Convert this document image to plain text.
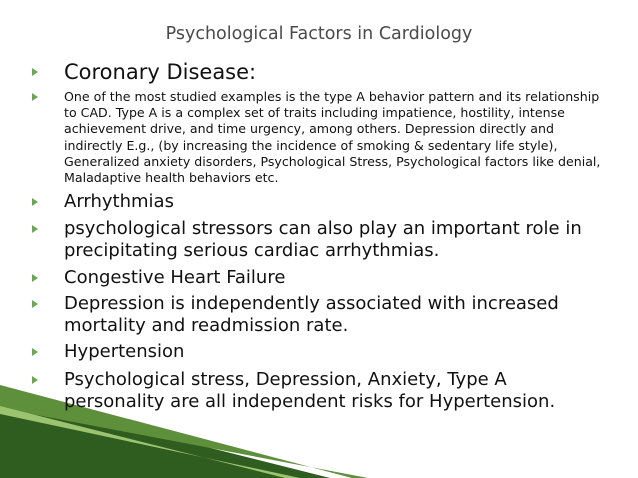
Psychological Factors in Cardiology
Coronary Disease:
One of the most studied examples is the type A behavior pattern and its relationship to CAD. Type A is a complex set of traits including impatience, hostility, intense achievement drive, and time urgency, among others. Depression directly and indirectly E.g., (by increasing the incidence of smoking & sedentary life style), Generalized anxiety disorders, Psychological Stress, Psychological factors like denial, Maladaptive health behaviors etc.
Arrhythmias
psychological stressors can also play an important role in precipitating serious cardiac arrhythmias.
Congestive Heart Failure
Depression is independently associated with increased mortality and readmission rate.
Hypertension
Psychological stress, Depression, Anxiety, Type A personality are all independent risks for Hypertension.
